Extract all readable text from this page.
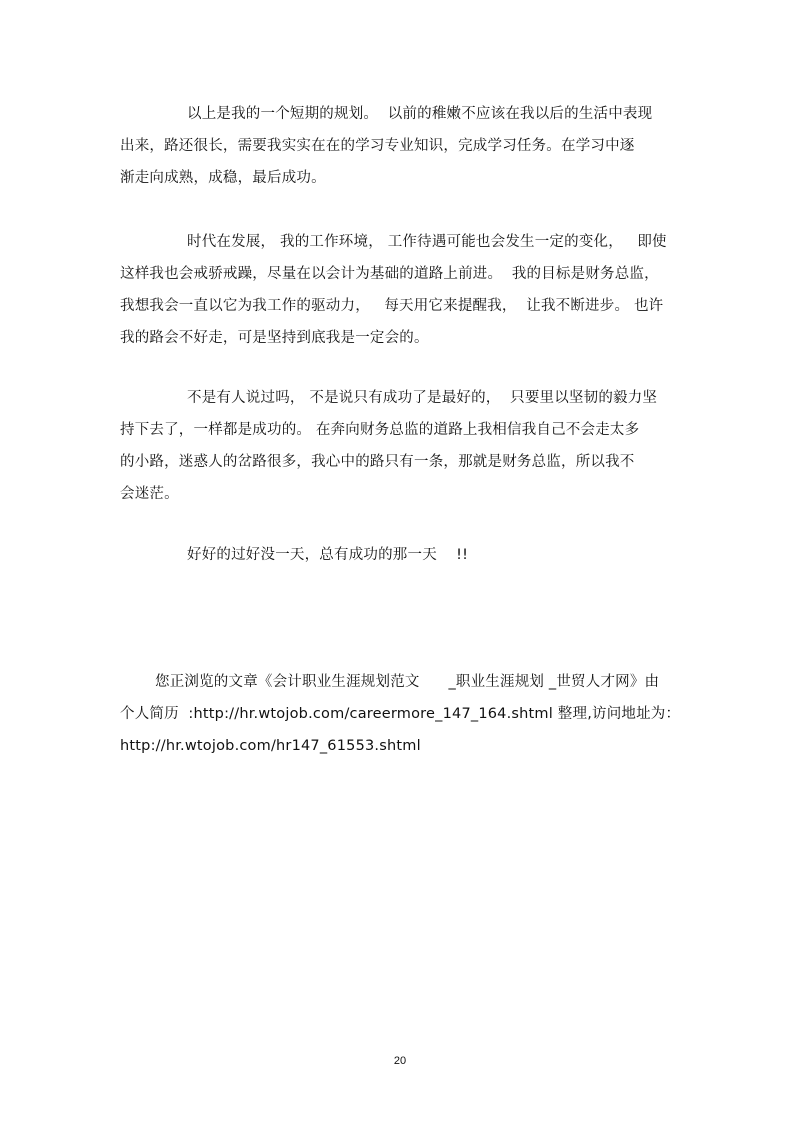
以上是我的一个短期的规划。  以前的稚嫩不应该在我以后的生活中表现
出来，路还很长，需要我实实在在的学习专业知识，完成学习任务。在学习中逐
渐走向成熟，成稳，最后成功。
时代在发展， 我的工作环境， 工作待遇可能也会发生一定的变化，   即使
这样我也会戒骄戒躁，尽量在以会计为基础的道路上前进。  我的目标是财务总监，
我想我会一直以它为我工作的驱动力，   每天用它来提醒我，  让我不断进步。 也许
我的路会不好走，可是坚持到底我是一定会的。
不是有人说过吗， 不是说只有成功了是最好的，  只要里以坚韧的毅力坚
持下去了，一样都是成功的。 在奔向财务总监的道路上我相信我自己不会走太多
的小路，迷惑人的岔路很多，我心中的路只有一条，那就是财务总监，所以我不
会迷茫。
好好的过好没一天，总有成功的那一天    !!
您正浏览的文章《会计职业生涯规划范文      _职业生涯规划 _世贸人才网》由
个人简历  :http://hr.wtojob.com/careermore_147_164.shtml 整理,访问地址为：
http://hr.wtojob.com/hr147_61553.shtml
20
